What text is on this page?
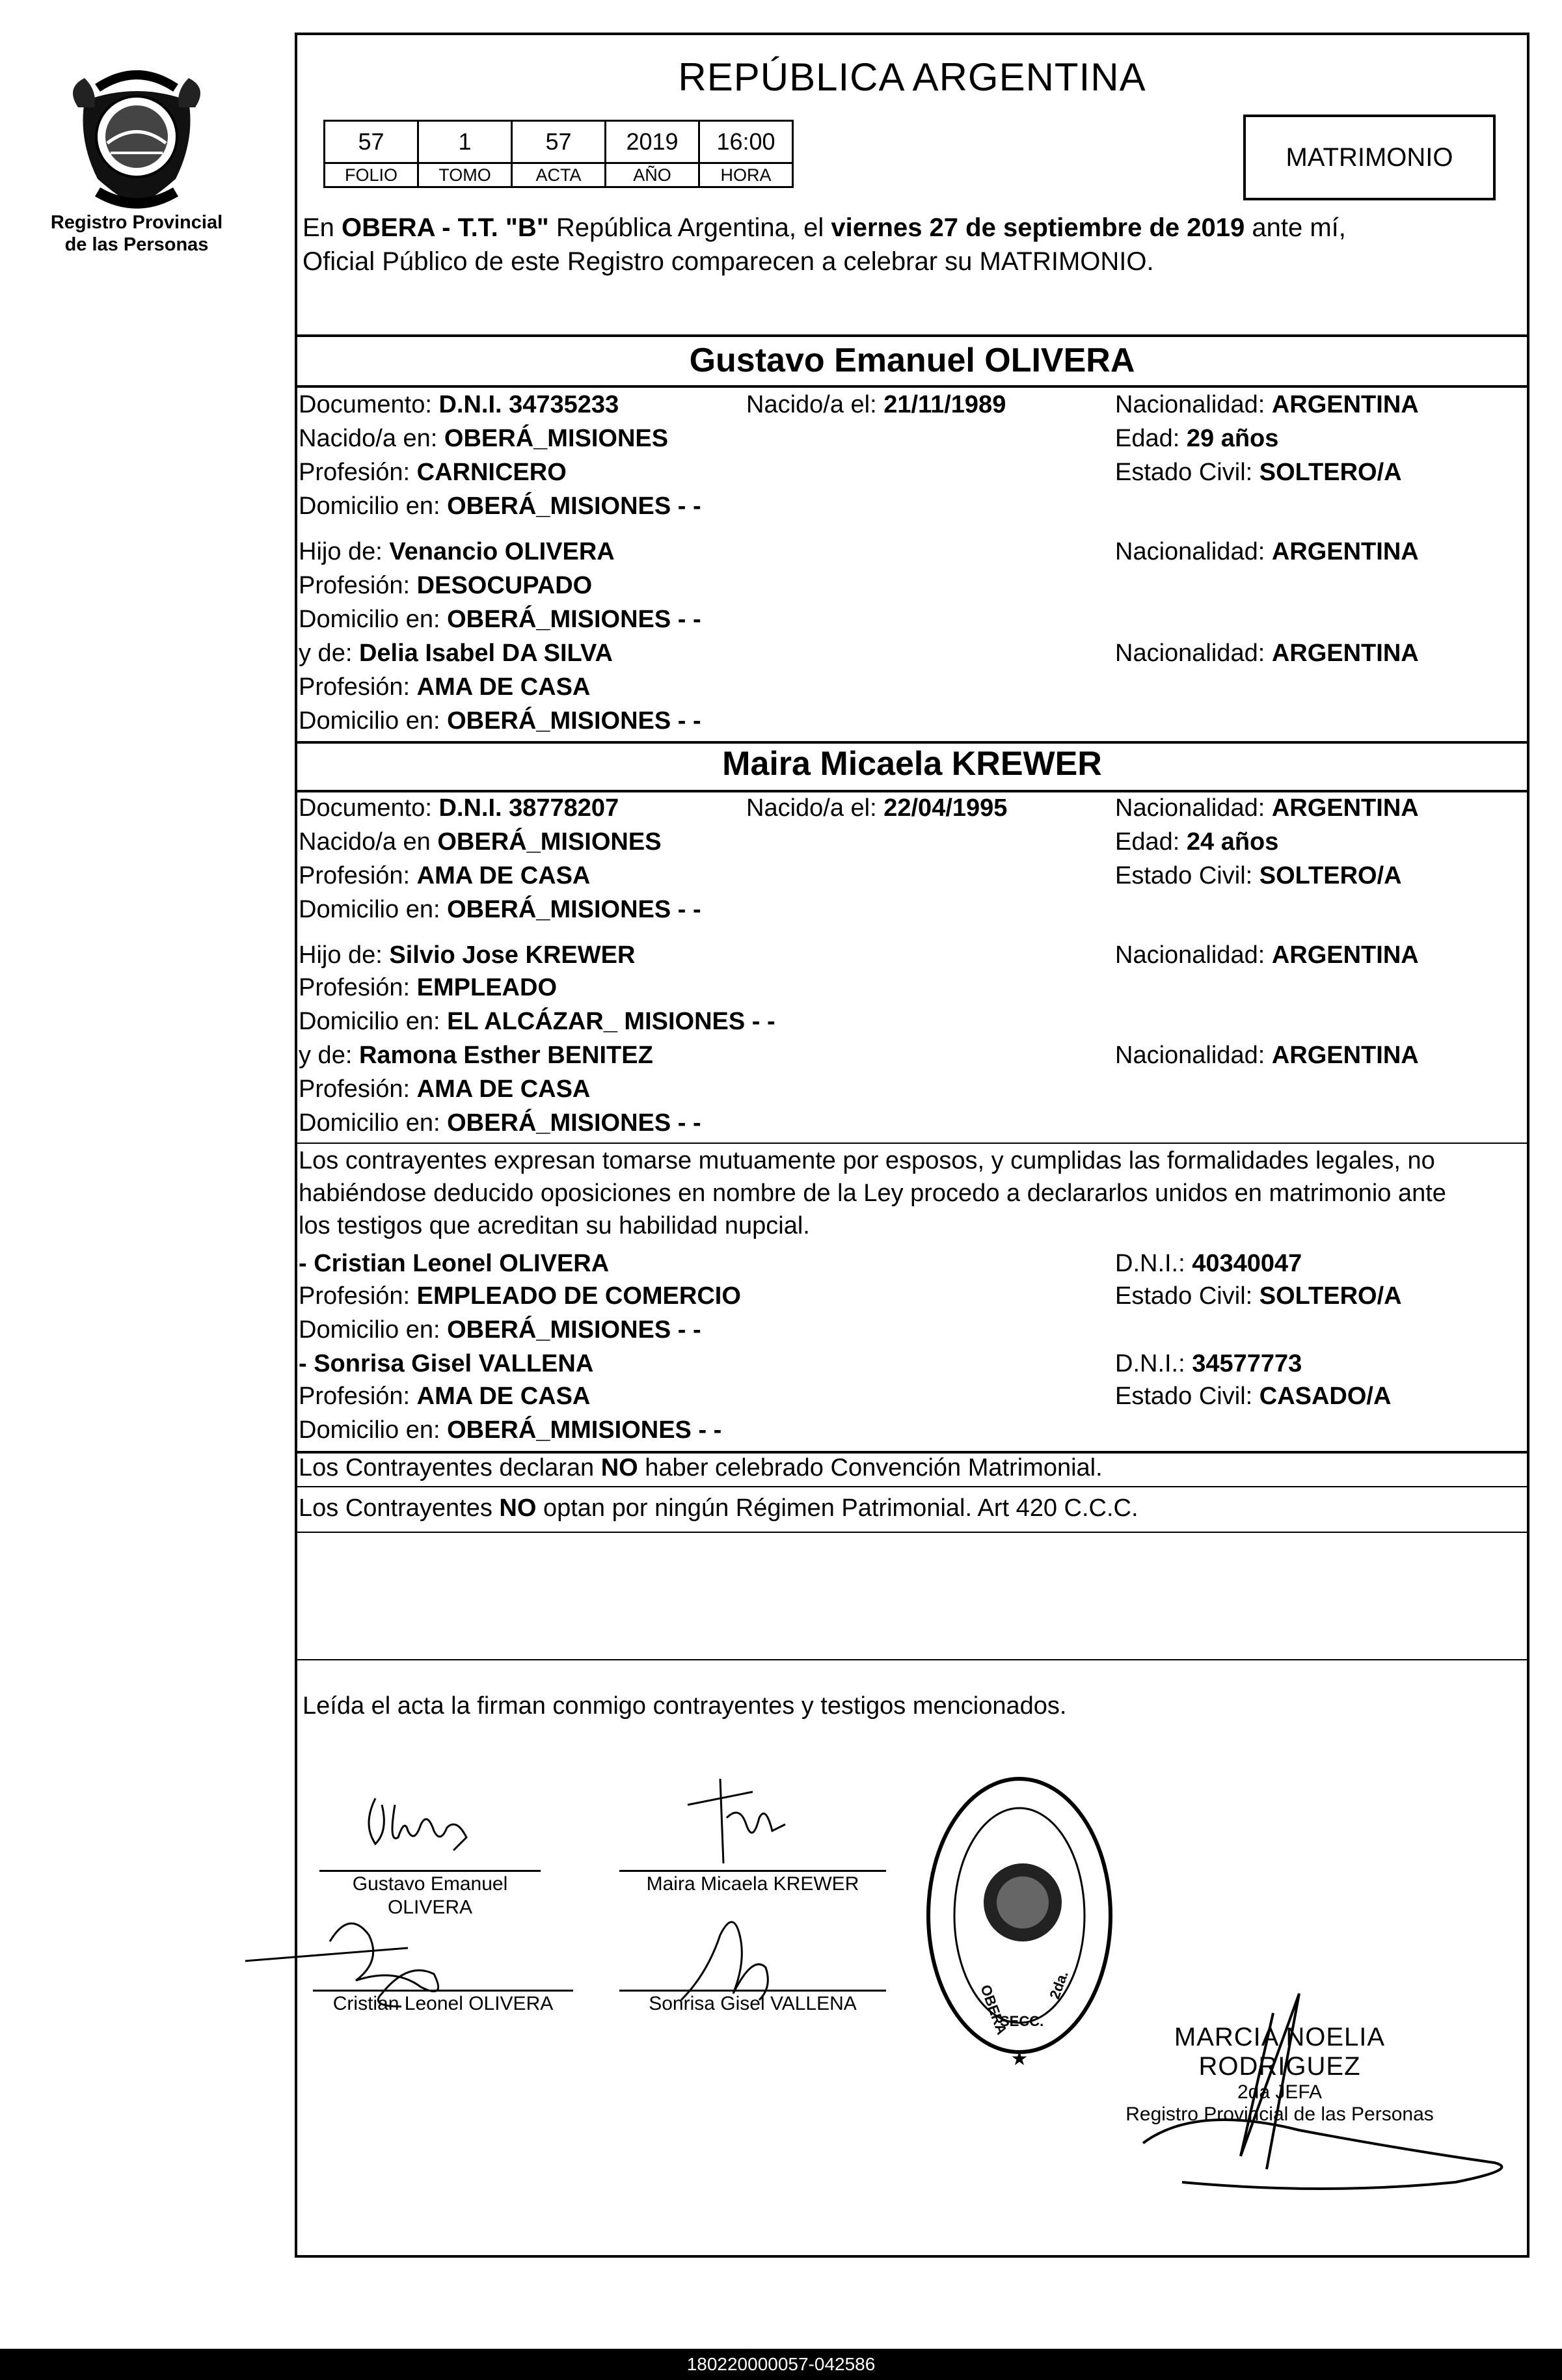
Registro Provincial
de las Personas
REPÚBLICA ARGENTINA
57	1	57	2019	16:00
FOLIO	TOMO	ACTA	AÑO	HORA
MATRIMONIO
En OBERA - T.T. "B" República Argentina, el viernes 27 de septiembre de 2019 ante mí,
Oficial Público de este Registro comparecen a celebrar su MATRIMONIO.
Gustavo Emanuel OLIVERA
Documento: D.N.I. 34735233	Nacido/a el: 21/11/1989	Nacionalidad: ARGENTINA
Nacido/a en: OBERÁ_MISIONES	Edad: 29 años
Profesión: CARNICERO	Estado Civil: SOLTERO/A
Domicilio en: OBERÁ_MISIONES - -
Hijo de: Venancio OLIVERA	Nacionalidad: ARGENTINA
Profesión: DESOCUPADO
Domicilio en: OBERÁ_MISIONES - -
y de: Delia Isabel DA SILVA	Nacionalidad: ARGENTINA
Profesión: AMA DE CASA
Domicilio en: OBERÁ_MISIONES - -
Maira Micaela KREWER
Documento: D.N.I. 38778207	Nacido/a el: 22/04/1995	Nacionalidad: ARGENTINA
Nacido/a en OBERÁ_MISIONES	Edad: 24 años
Profesión: AMA DE CASA	Estado Civil: SOLTERO/A
Domicilio en: OBERÁ_MISIONES - -
Hijo de: Silvio Jose KREWER	Nacionalidad: ARGENTINA
Profesión: EMPLEADO
Domicilio en: EL ALCÁZAR_ MISIONES - -
y de: Ramona Esther BENITEZ	Nacionalidad: ARGENTINA
Profesión: AMA DE CASA
Domicilio en: OBERÁ_MISIONES - -
Los contrayentes expresan tomarse mutuamente por esposos, y cumplidas las formalidades legales, no
habiéndose deducido oposiciones en nombre de la Ley procedo a declararlos unidos en matrimonio ante
los testigos que acreditan su habilidad nupcial.
- Cristian Leonel OLIVERA	D.N.I.: 40340047
Profesión: EMPLEADO DE COMERCIO	Estado Civil: SOLTERO/A
Domicilio en: OBERÁ_MISIONES - -
- Sonrisa Gisel VALLENA	D.N.I.: 34577773
Profesión: AMA DE CASA	Estado Civil: CASADO/A
Domicilio en: OBERÁ_MMISIONES - -
Los Contrayentes declaran NO haber celebrado Convención Matrimonial.
Los Contrayentes NO optan por ningún Régimen Patrimonial. Art 420 C.C.C.
Leída el acta la firman conmigo contrayentes y testigos mencionados.
Gustavo Emanuel
OLIVERA
Maira Micaela KREWER
Cristian Leonel OLIVERA	Sonrisa Gisel VALLENA	OBERA
SECC.
2da.
★
MARCIA NOELIA RODRIGUEZ
2da JEFA
Registro Provincial de las Personas
180220000057-042586
